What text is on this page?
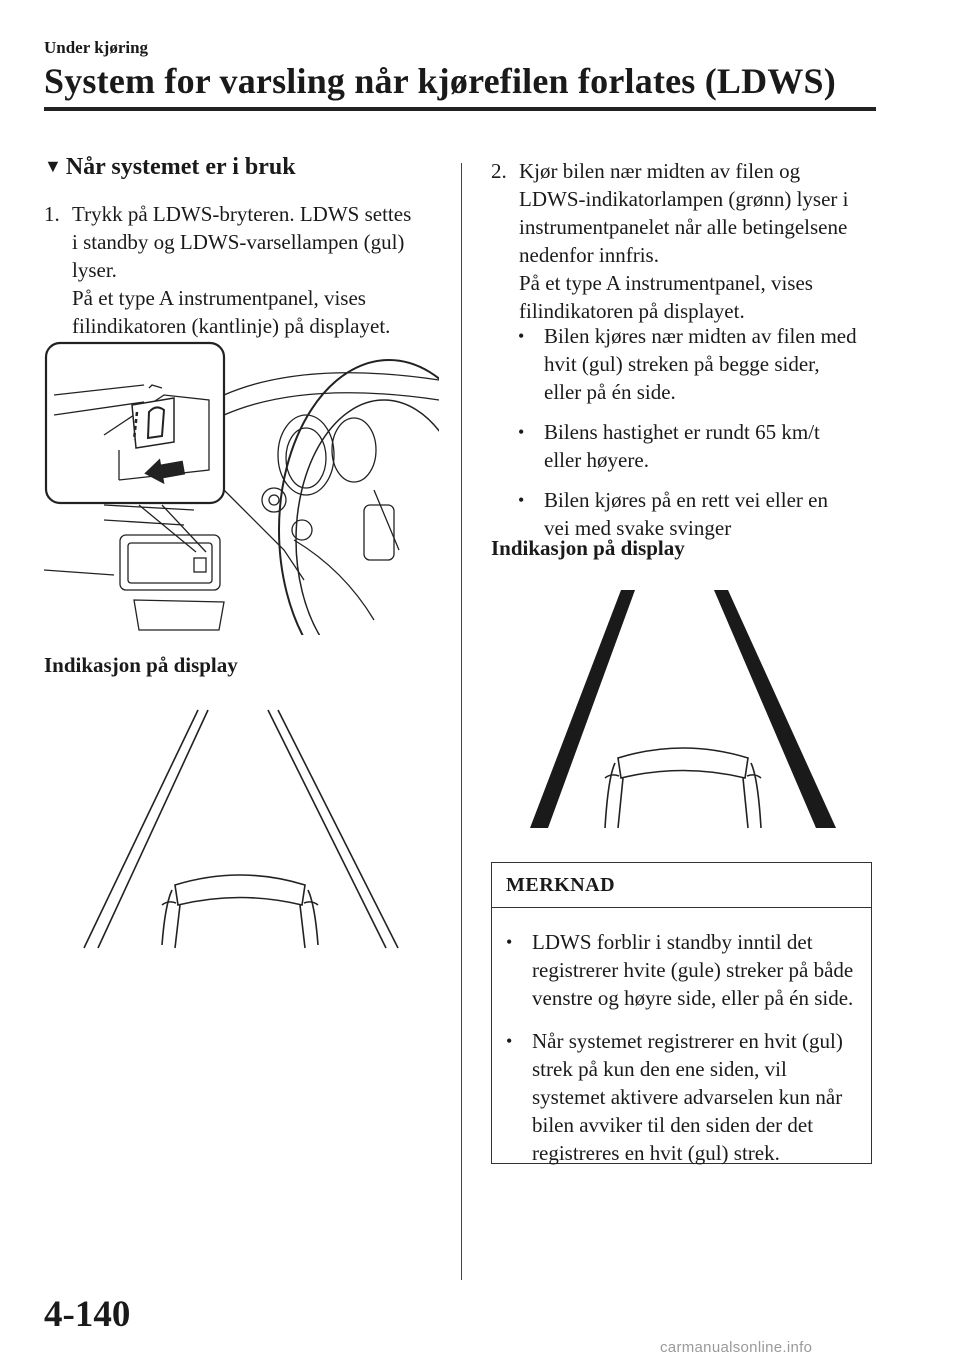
Under kjøring
System for varsling når kjørefilen forlates (LDWS)
▼ Når systemet er i bruk
1. Trykk på LDWS-bryteren. LDWS settes

i standby og LDWS-varsellampen (gul)

lyser.

På et type A instrumentpanel, vises

filindikatoren (kantlinje) på displayet.

Indikasjon på display
2. Kjør bilen nær midten av filen og

LDWS-indikatorlampen (grønn) lyser i

instrumentpanelet når alle betingelsene

nedenfor innfris.

På et type A instrumentpanel, vises

filindikatoren på displayet.

• Bilen kjøres nær midten av filen med hvit (gul) streken på begge sider, eller på én side.
• Bilens hastighet er rundt 65 km/t eller høyere.
• Bilen kjøres på en rett vei eller en vei med svake svinger
Indikasjon på display
MERKNAD
• LDWS forblir i standby inntil det registrerer hvite (gule) streker på både venstre og høyre side, eller på én side.
• Når systemet registrerer en hvit (gul) strek på kun den ene siden, vil systemet aktivere advarselen kun når bilen avviker til den siden der det registreres en hvit (gul) strek.
4-140
carmanualsonline.info
